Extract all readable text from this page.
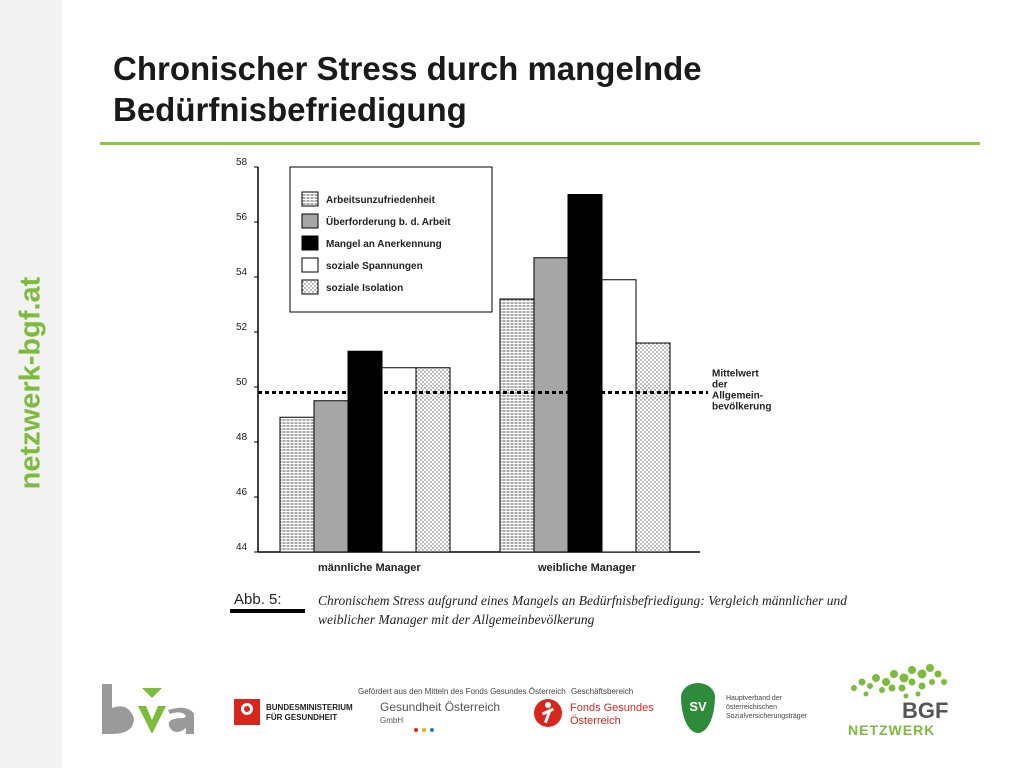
netzwerk-bgf.at
Chronischer Stress durch mangelnde Bedürfnisbefriedigung
44
46
48
50
52
54
56
58
Mittelwert
der
Allgemein-
bevölkerung
männliche Manager	weibliche Manager
Arbeitsunzufriedenheit
Überforderung b. d. Arbeit
Mangel an Anerkennung
soziale Spannungen
soziale Isolation
Abb. 5:	Chronischem Stress aufgrund eines Mangels an Bedürfnisbefriedigung: Vergleich männlicher und weiblicher Manager mit der Allgemeinbevölkerung
Gefördert aus den Mitteln des Fonds Gesundes Österreich Geschäftsbereich
BUNDESMINISTERIUM
FÜR GESUNDHEIT
Gesundheit Österreich
GmbH
Fonds Gesundes
Österreich
SV
Hauptverband der
österreichischen
Sozialversicherungsträger	BGF
NETZWERK
